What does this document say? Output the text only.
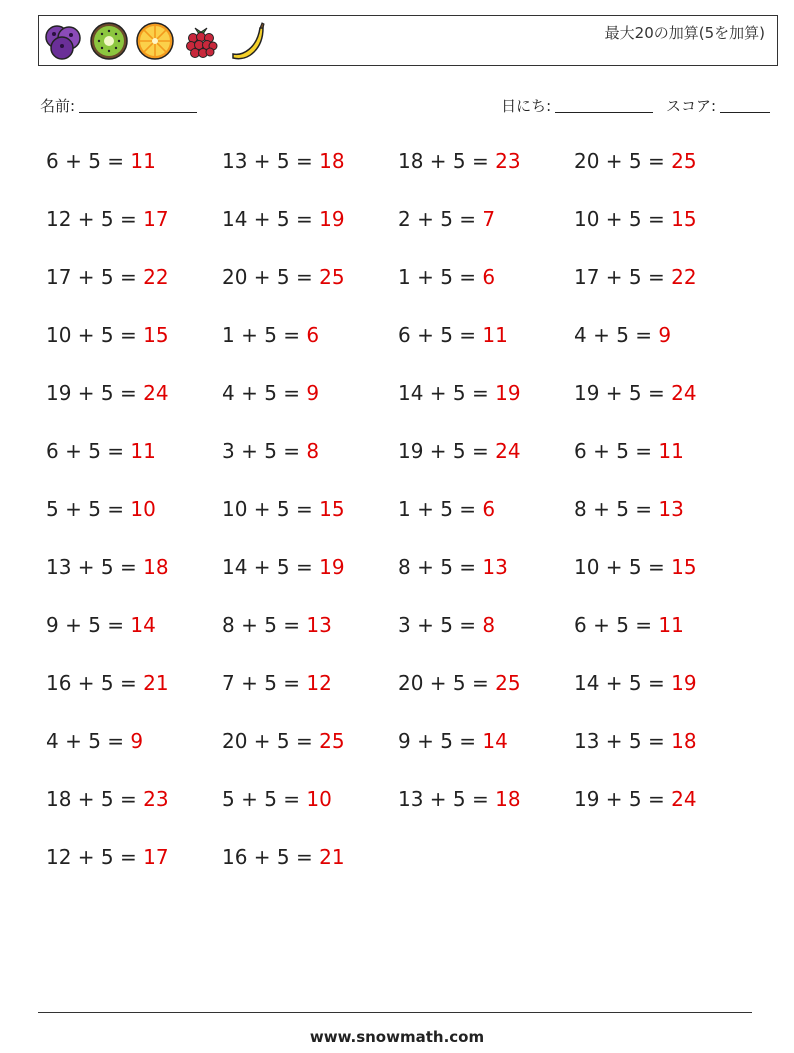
最大20の加算(5を加算)
名前:	日にち:	スコア:
6 + 5 = 11	13 + 5 = 18	18 + 5 = 23	20 + 5 = 25
12 + 5 = 17	14 + 5 = 19	2 + 5 = 7	10 + 5 = 15
17 + 5 = 22	20 + 5 = 25	1 + 5 = 6	17 + 5 = 22
10 + 5 = 15	1 + 5 = 6	6 + 5 = 11	4 + 5 = 9
19 + 5 = 24	4 + 5 = 9	14 + 5 = 19	19 + 5 = 24
6 + 5 = 11	3 + 5 = 8	19 + 5 = 24	6 + 5 = 11
5 + 5 = 10	10 + 5 = 15	1 + 5 = 6	8 + 5 = 13
13 + 5 = 18	14 + 5 = 19	8 + 5 = 13	10 + 5 = 15
9 + 5 = 14	8 + 5 = 13	3 + 5 = 8	6 + 5 = 11
16 + 5 = 21	7 + 5 = 12	20 + 5 = 25	14 + 5 = 19
4 + 5 = 9	20 + 5 = 25	9 + 5 = 14	13 + 5 = 18
18 + 5 = 23	5 + 5 = 10	13 + 5 = 18	19 + 5 = 24
12 + 5 = 17	16 + 5 = 21
www.snowmath.com
